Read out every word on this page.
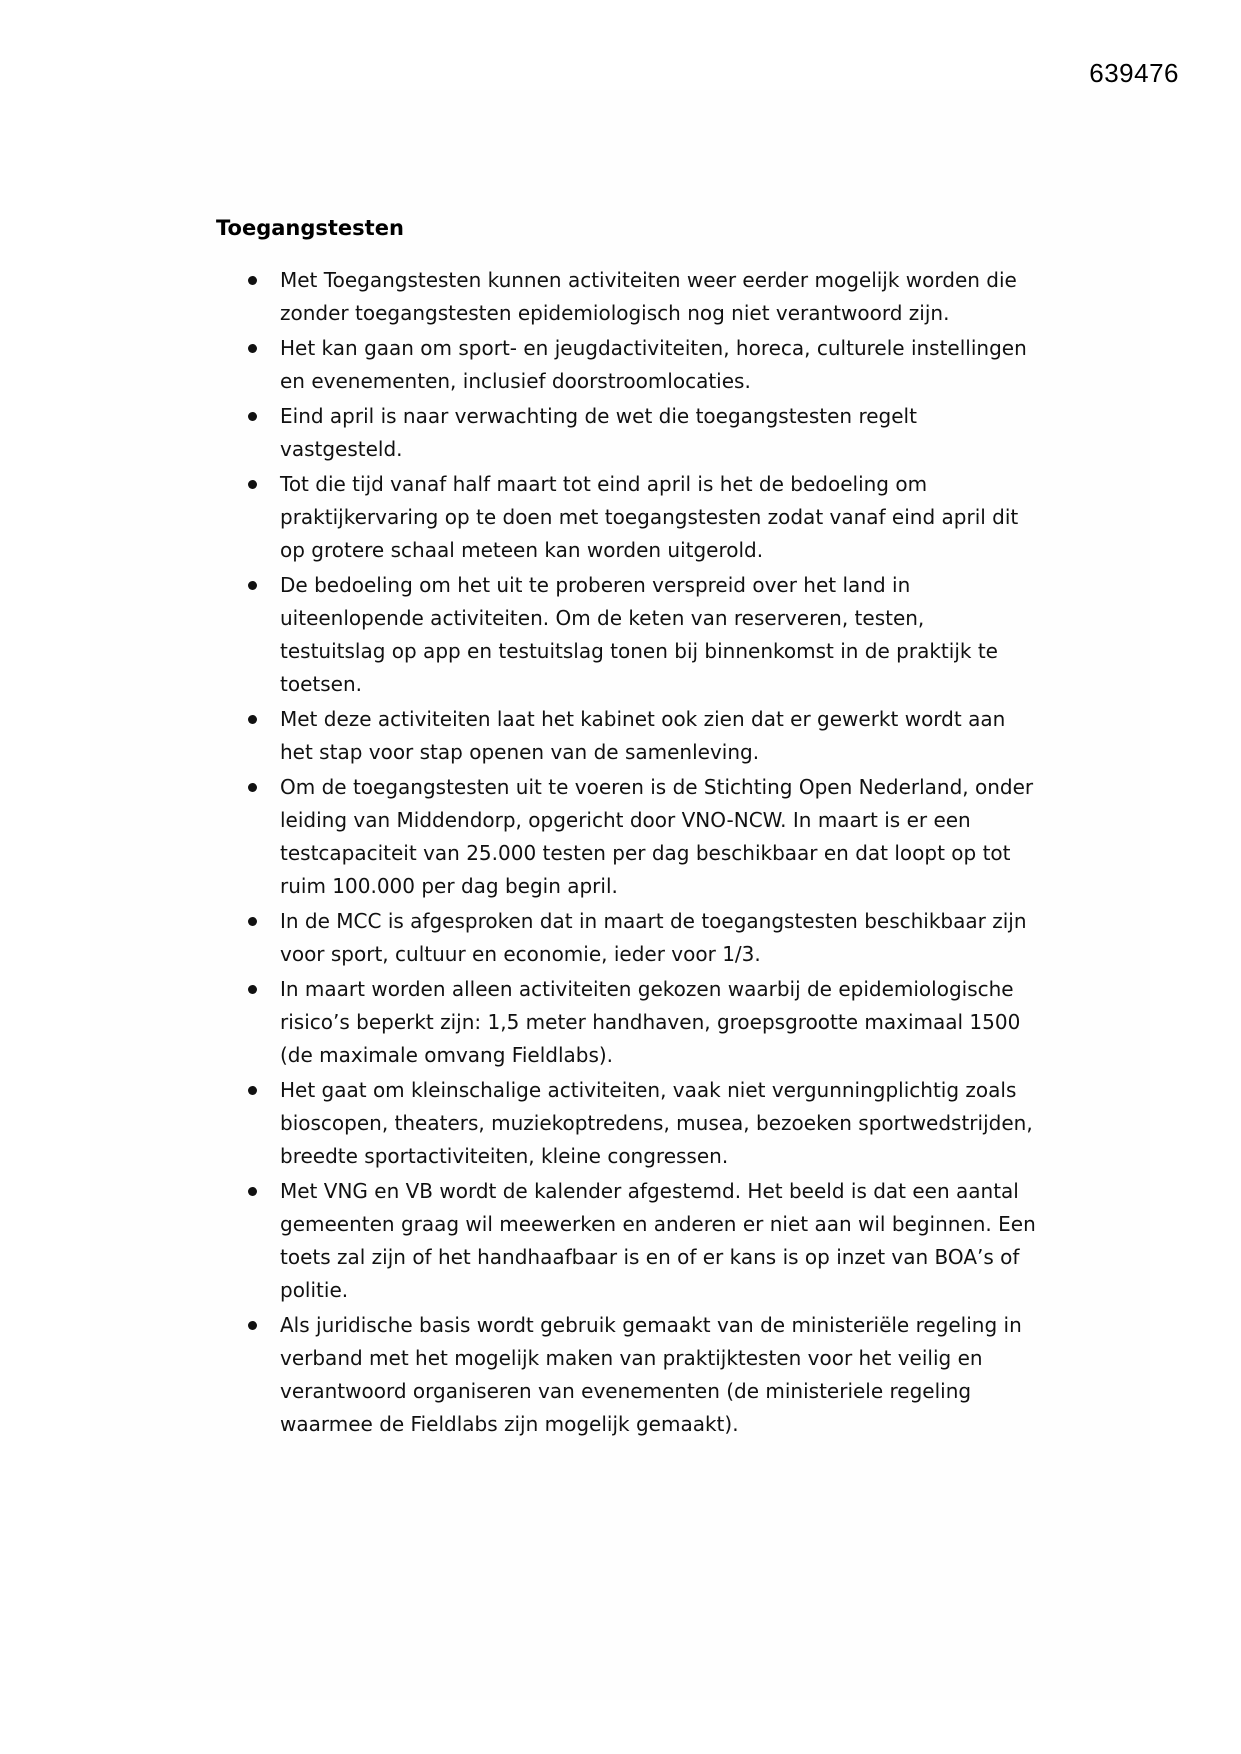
639476
Toegangstesten
Met Toegangstesten kunnen activiteiten weer eerder mogelijk worden die zonder toegangstesten epidemiologisch nog niet verantwoord zijn.
Het kan gaan om sport- en jeugdactiviteiten, horeca, culturele instellingen en evenementen, inclusief doorstroomlocaties.
Eind april is naar verwachting de wet die toegangstesten regelt vastgesteld.
Tot die tijd vanaf half maart tot eind april is het de bedoeling om praktijkervaring op te doen met toegangstesten zodat vanaf eind april dit op grotere schaal meteen kan worden uitgerold.
De bedoeling om het uit te proberen verspreid over het land in uiteenlopende activiteiten. Om de keten van reserveren, testen, testuitslag op app en testuitslag tonen bij binnenkomst in de praktijk te toetsen.
Met deze activiteiten laat het kabinet ook zien dat er gewerkt wordt aan het stap voor stap openen van de samenleving.
Om de toegangstesten uit te voeren is de Stichting Open Nederland, onder leiding van Middendorp, opgericht door VNO-NCW. In maart is er een testcapaciteit van 25.000 testen per dag beschikbaar en dat loopt op tot ruim 100.000 per dag begin april.
In de MCC is afgesproken dat in maart de toegangstesten beschikbaar zijn voor sport, cultuur en economie, ieder voor 1/3.
In maart worden alleen activiteiten gekozen waarbij de epidemiologische risico’s beperkt zijn: 1,5 meter handhaven, groepsgrootte maximaal 1500 (de maximale omvang Fieldlabs).
Het gaat om kleinschalige activiteiten, vaak niet vergunningplichtig zoals bioscopen, theaters, muziekoptredens, musea, bezoeken sportwedstrijden, breedte sportactiviteiten, kleine congressen.
Met VNG en VB wordt de kalender afgestemd. Het beeld is dat een aantal gemeenten graag wil meewerken en anderen er niet aan wil beginnen. Een toets zal zijn of het handhaafbaar is en of er kans is op inzet van BOA’s of politie.
Als juridische basis wordt gebruik gemaakt van de ministeriële regeling in verband met het mogelijk maken van praktijktesten voor het veilig en verantwoord organiseren van evenementen (de ministeriele regeling waarmee de Fieldlabs zijn mogelijk gemaakt).
